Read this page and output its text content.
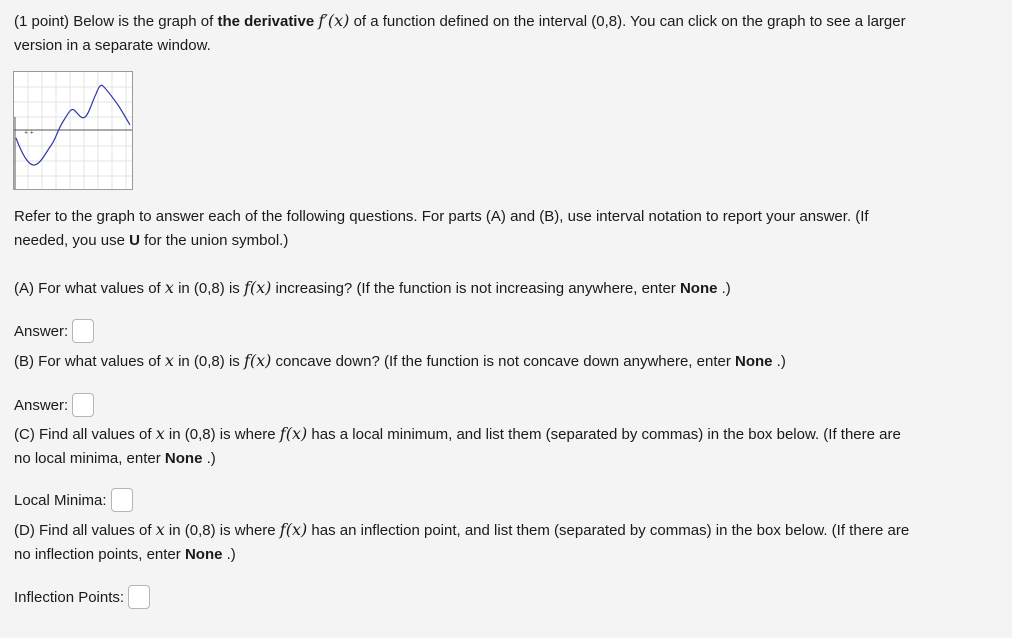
(1 point) Below is the graph of the derivative f′(x) of a function defined on the interval (0,8). You can click on the graph to see a larger
version in a separate window.
+ +
Refer to the graph to answer each of the following questions. For parts (A) and (B), use interval notation to report your answer. (If
needed, you use U for the union symbol.)
(A) For what values of x in (0,8) is f(x) increasing? (If the function is not increasing anywhere, enter None .)
Answer:
(B) For what values of x in (0,8) is f(x) concave down? (If the function is not concave down anywhere, enter None .)
Answer:
(C) Find all values of x in (0,8) is where f(x) has a local minimum, and list them (separated by commas) in the box below. (If there are
no local minima, enter None .)
Local Minima:
(D) Find all values of x in (0,8) is where f(x) has an inflection point, and list them (separated by commas) in the box below. (If there are
no inflection points, enter None .)
Inflection Points:
